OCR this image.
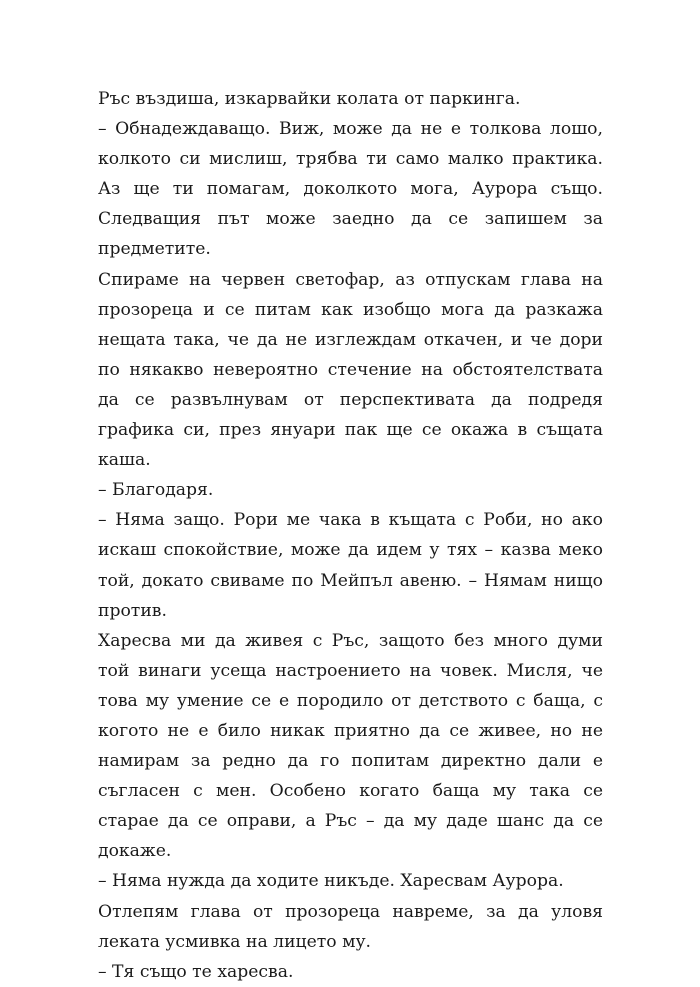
Ръс въздиша, изкарвайки колата от паркинга.

– Обнадеждаващо. Виж, може да не е толкова лошо, колкото си мислиш, трябва ти само малко практика. Аз ще ти помагам, доколкото мога, Аурора също. Следващия път може заедно да се запишем за предметите.

Спираме на червен светофар, аз отпускам глава на прозореца и се питам как изобщо мога да разкажа нещата така, че да не изглеждам откачен, и че дори по някакво невероятно стечение на обстоятелствата да се развълнувам от перспективата да подредя графика си, през януари пак ще се окажа в същата каша.

– Благодаря.

– Няма защо. Рори ме чака в къщата с Роби, но ако искаш спокойствие, може да идем у тях – казва меко той, докато свиваме по Мейпъл авеню. – Нямам нищо против.

Харесва ми да живея с Ръс, защото без много думи той винаги усеща настроението на човек. Мисля, че това му умение се е породило от детството с баща, с когото не е било никак приятно да се живее, но не намирам за редно да го попитам директно дали е съгласен с мен. Особено когато баща му така се старае да се оправи, а Ръс – да му даде шанс да се докаже.

– Няма нужда да ходите никъде. Харесвам Аурора.

Отлепям глава от прозореца навреме, за да уловя леката усмивка на лицето му.

– Тя също те харесва.
